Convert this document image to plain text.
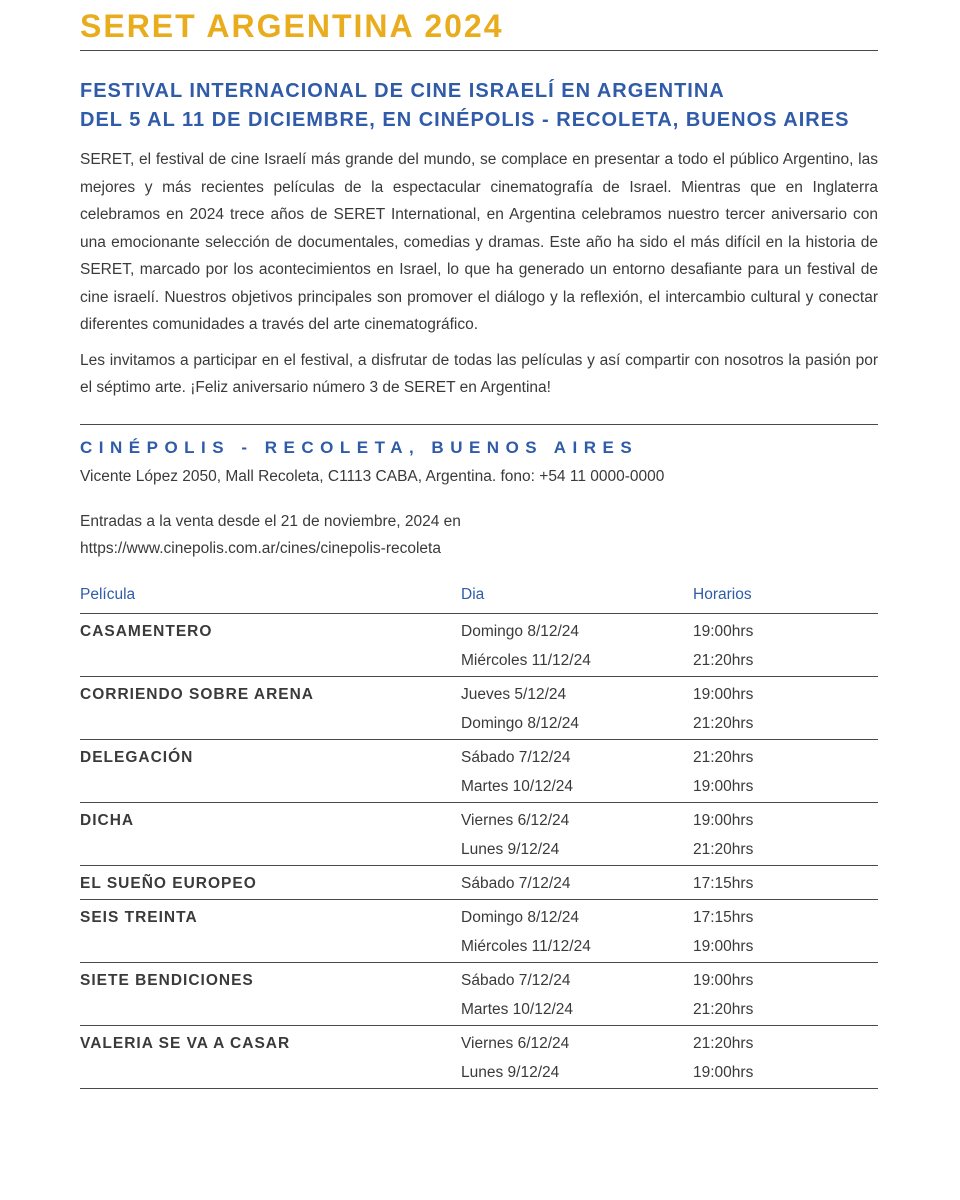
SERET ARGENTINA 2024
FESTIVAL INTERNACIONAL DE CINE ISRAELÍ EN ARGENTINA
DEL 5 AL 11 DE DICIEMBRE, EN CINÉPOLIS - RECOLETA, BUENOS AIRES

SERET, el festival de cine Israelí más grande del mundo, se complace en presentar a todo el público Argentino, las mejores y más recientes películas de la espectacular cinematografía de Israel. Mientras que en Inglaterra celebramos en 2024 trece años de SERET International, en Argentina celebramos nuestro tercer aniversario con una emocionante selección de documentales, comedias y dramas. Este año ha sido el más difícil en la historia de SERET, marcado por los acontecimientos en Israel, lo que ha generado un entorno desafiante para un festival de cine israelí. Nuestros objetivos principales son promover el diálogo y la reflexión, el intercambio cultural y conectar diferentes comunidades a través del arte cinematográfico.

Les invitamos a participar en el festival, a disfrutar de todas las películas y así compartir con nosotros la pasión por el séptimo arte. ¡Feliz aniversario número 3 de SERET en Argentina!

CINÉPOLIS - RECOLETA, BUENOS AIRES
Vicente López 2050, Mall Recoleta, C1113 CABA, Argentina. fono: +54 11 0000-0000
Entradas a la venta desde el 21 de noviembre, 2024 en
https://www.cinepolis.com.ar/cines/cinepolis-recoleta
Película	Dia	Horarios
CASAMENTERO	Domingo 8/12/24	19:00hrs
	Miércoles 11/12/24	21:20hrs
CORRIENDO SOBRE ARENA	Jueves 5/12/24	19:00hrs
	Domingo 8/12/24	21:20hrs
DELEGACIÓN	Sábado 7/12/24	21:20hrs
	Martes 10/12/24	19:00hrs
DICHA	Viernes 6/12/24	19:00hrs
	Lunes 9/12/24	21:20hrs
EL SUEÑO EUROPEO	Sábado 7/12/24	17:15hrs
SEIS TREINTA	Domingo 8/12/24	17:15hrs
	Miércoles 11/12/24	19:00hrs
SIETE BENDICIONES	Sábado 7/12/24	19:00hrs
	Martes 10/12/24	21:20hrs
VALERIA SE VA A CASAR	Viernes 6/12/24	21:20hrs
	Lunes 9/12/24	19:00hrs
